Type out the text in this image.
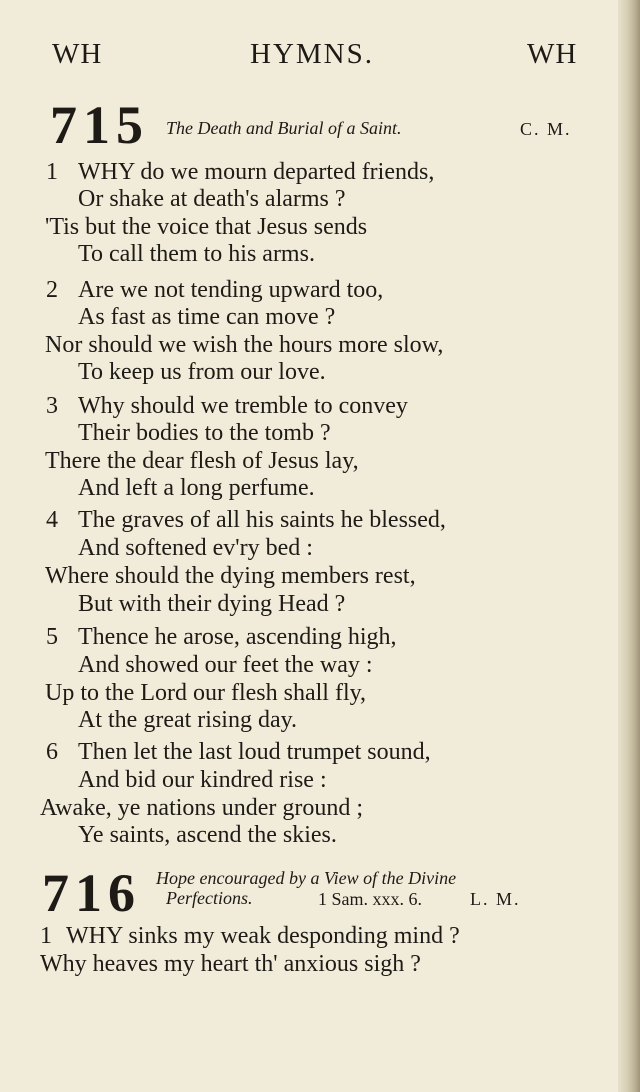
WH	HYMNS.	WH
715 The Death and Burial of a Saint.	C. M.
1 WHY do we mourn departed friends,
Or shake at death's alarms ?
'Tis but the voice that Jesus sends
To call them to his arms.
2 Are we not tending upward too,
As fast as time can move ?
Nor should we wish the hours more slow,
To keep us from our love.
3 Why should we tremble to convey
Their bodies to the tomb ?
There the dear flesh of Jesus lay,
And left a long perfume.
4 The graves of all his saints he blessed,
And softened ev'ry bed :
Where should the dying members rest,
But with their dying Head ?
5 Thence he arose, ascending high,
And showed our feet the way :
Up to the Lord our flesh shall fly,
At the great rising day.
6 Then let the last loud trumpet sound,
And bid our kindred rise :
Awake, ye nations under ground ;
Ye saints, ascend the skies.
716 Hope encouraged by a View of the Divine
Perfections.	1 Sam. xxx. 6.	L. M.
1 WHY sinks my weak desponding mind ?
Why heaves my heart th' anxious sigh ?
